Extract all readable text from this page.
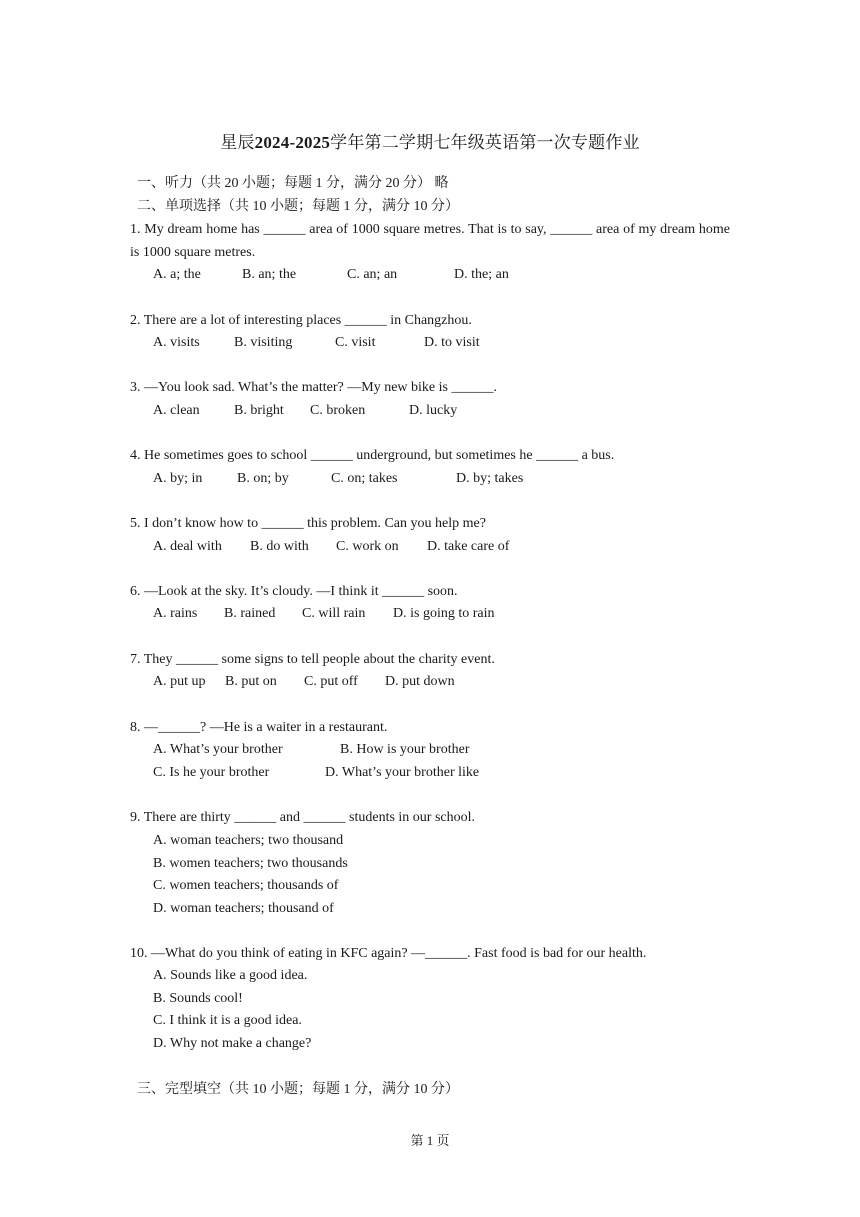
星辰2024-2025学年第二学期七年级英语第一次专题作业
一、听力（共 20 小题；每题 1 分，满分 20 分） 略
二、单项选择（共 10 小题；每题 1 分，满分 10 分）
1. My dream home has ______ area of 1000 square metres. That is to say, ______ area of my dream home is 1000 square metres.
A. a; the	B. an; the	C. an; an	D. the; an
2. There are a lot of interesting places ______ in Changzhou.
A. visits B. visiting	C. visit	D. to visit
3. —You look sad. What’s the matter? —My new bike is ______.
A. clean B. bright C. broken	D. lucky
4. He sometimes goes to school ______ underground, but sometimes he ______ a bus.
A. by; in B. on; by	C. on; takes	D. by; takes
5. I don’t know how to ______ this problem. Can you help me?
A. deal with B. do with C. work on D. take care of
6. —Look at the sky. It’s cloudy. —I think it ______ soon.
A. rains B. rained C. will rain D. is going to rain
7. They ______ some signs to tell people about the charity event.
A. put up B. put on C. put off D. put down
8. —______? —He is a waiter in a restaurant.
A. What’s your brother	B. How is your brother
C. Is he your brother	D. What’s your brother like
9. There are thirty ______ and ______ students in our school.
A. woman teachers; two thousand
B. women teachers; two thousands
C. women teachers; thousands of
D. woman teachers; thousand of
10. —What do you think of eating in KFC again? —______. Fast food is bad for our health.
A. Sounds like a good idea.
B. Sounds cool!
C. I think it is a good idea.
D. Why not make a change?
三、完型填空（共 10 小题；每题 1 分，满分 10 分）
第 1 页
